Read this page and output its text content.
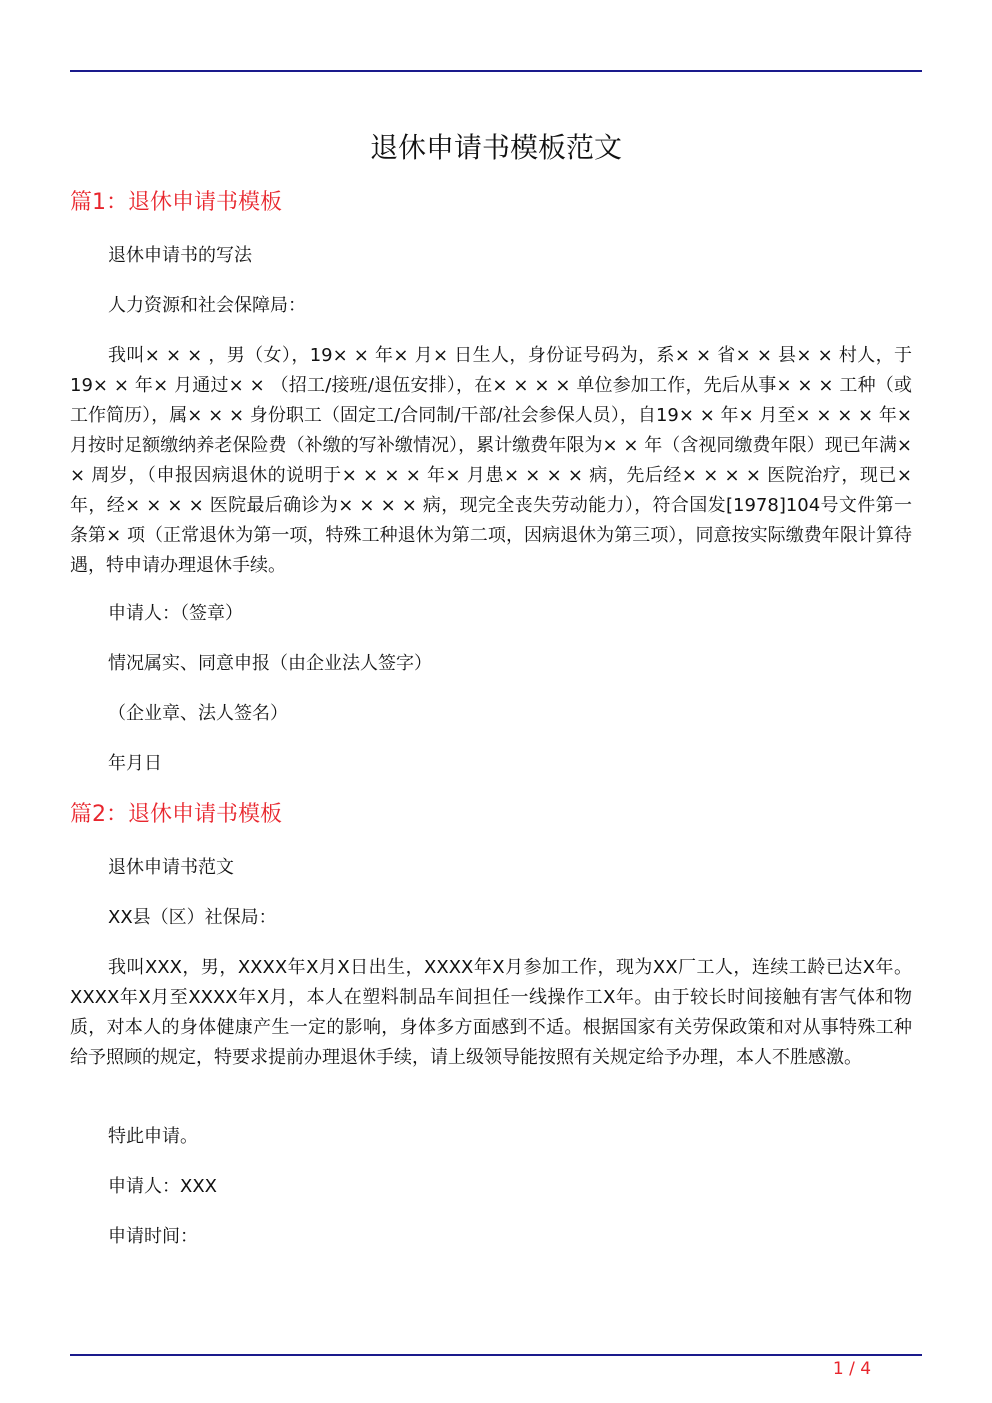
退休申请书模板范文
篇1：退休申请书模板
退休申请书的写法
人力资源和社会保障局：

我叫× × × ，男（女），19× × 年× 月× 日生人，身份证号码为，系× × 省× × 县× × 村人，于19× × 年× 月通过× × （招工/接班/退伍安排），在× × × × 单位参加工作，先后从事× × × 工种（或工作简历），属× × × 身份职工（固定工/合同制/干部/社会参保人员），自19× × 年× 月至× × × × 年× 月按时足额缴纳养老保险费（补缴的写补缴情况），累计缴费年限为× × 年（含视同缴费年限）现已年满× × 周岁，（申报因病退休的说明于× × × × 年× 月患× × × × 病，先后经× × × × 医院治疗，现已× 年，经× × × × 医院最后确诊为× × × × 病，现完全丧失劳动能力），符合国发[1978]104号文件第一条第× 项（正常退休为第一项，特殊工种退休为第二项，因病退休为第三项），同意按实际缴费年限计算待遇，特申请办理退休手续。

申请人：（签章）
情况属实、同意申报（由企业法人签字）
（企业章、法人签名）
年月日
篇2：退休申请书模板
退休申请书范文
XX县（区）社保局：

我叫XXX，男，XXXX年X月X日出生，XXXX年X月参加工作，现为XX厂工人，连续工龄已达X年。XXXX年X月至XXXX年X月，本人在塑料制品车间担任一线操作工X年。由于较长时间接触有害气体和物质，对本人的身体健康产生一定的影响，身体多方面感到不适。根据国家有关劳保政策和对从事特殊工种给予照顾的规定，特要求提前办理退休手续，请上级领导能按照有关规定给予办理，本人不胜感激。

特此申请。
申请人：XXX
申请时间：
1 / 4
